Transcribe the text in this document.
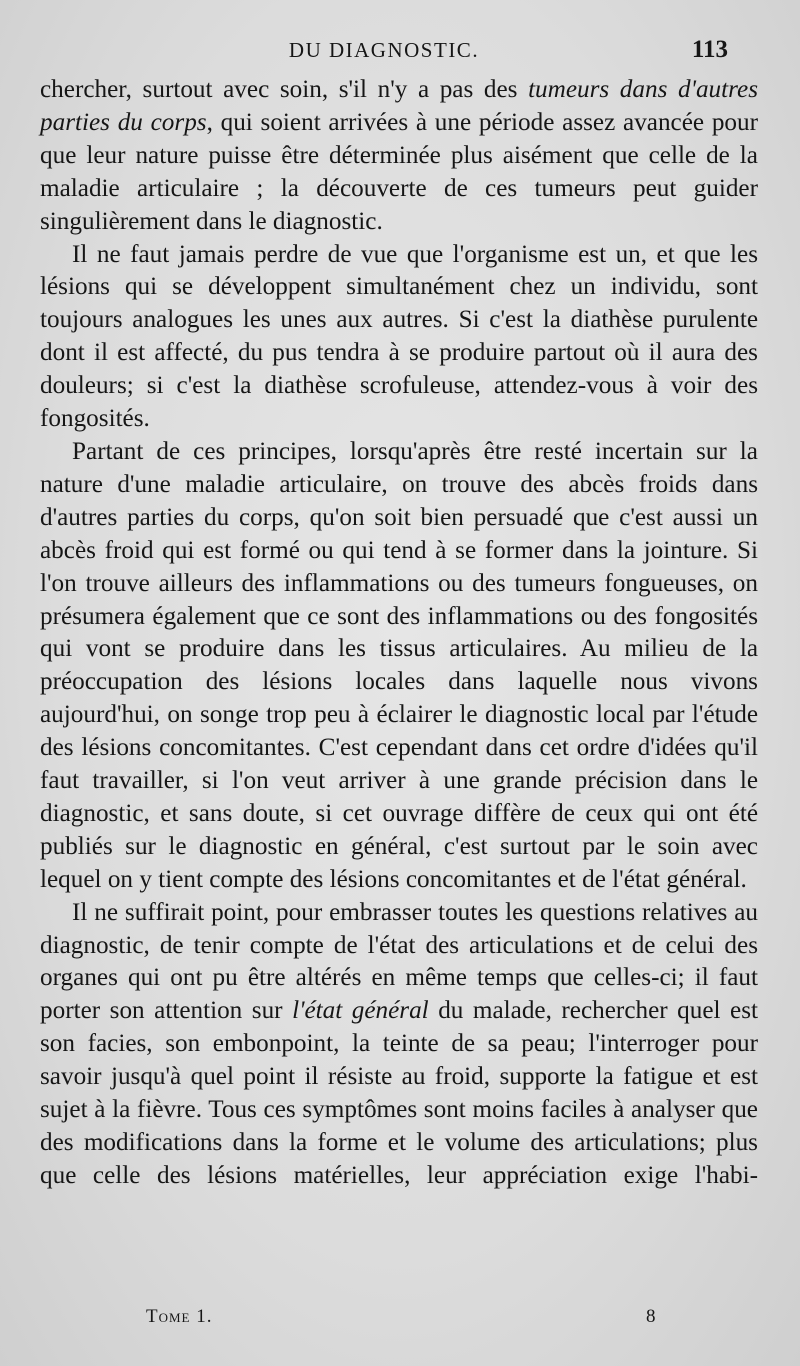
DU DIAGNOSTIC.	113

chercher, surtout avec soin, s'il n'y a pas des tumeurs dans d'autres parties du corps, qui soient arrivées à une période assez avancée pour que leur nature puisse être déterminée plus aisément que celle de la maladie articulaire ; la découverte de ces tumeurs peut guider singulièrement dans le diagnostic.

Il ne faut jamais perdre de vue que l'organisme est un, et que les lésions qui se développent simultanément chez un individu, sont toujours analogues les unes aux autres. Si c'est la diathèse purulente dont il est affecté, du pus tendra à se produire partout où il aura des douleurs; si c'est la diathèse scrofuleuse, attendez-vous à voir des fongosités.

Partant de ces principes, lorsqu'après être resté incertain sur la nature d'une maladie articulaire, on trouve des abcès froids dans d'autres parties du corps, qu'on soit bien persuadé que c'est aussi un abcès froid qui est formé ou qui tend à se former dans la jointure. Si l'on trouve ailleurs des inflammations ou des tumeurs fongueuses, on présumera également que ce sont des inflammations ou des fongosités qui vont se produire dans les tissus articulaires. Au milieu de la préoccupation des lésions locales dans laquelle nous vivons aujourd'hui, on songe trop peu à éclairer le diagnostic local par l'étude des lésions concomitantes. C'est cependant dans cet ordre d'idées qu'il faut travailler, si l'on veut arriver à une grande précision dans le diagnostic, et sans doute, si cet ouvrage diffère de ceux qui ont été publiés sur le diagnostic en général, c'est surtout par le soin avec lequel on y tient compte des lésions concomitantes et de l'état général.

Il ne suffirait point, pour embrasser toutes les questions relatives au diagnostic, de tenir compte de l'état des articulations et de celui des organes qui ont pu être altérés en même temps que celles-ci; il faut porter son attention sur l'état général du malade, rechercher quel est son facies, son embonpoint, la teinte de sa peau; l'interroger pour savoir jusqu'à quel point il résiste au froid, supporte la fatigue et est sujet à la fièvre. Tous ces symptômes sont moins faciles à analyser que des modifications dans la forme et le volume des articulations; plus que celle des lésions matérielles, leur appréciation exige l'habi-

Tome 1.	8
